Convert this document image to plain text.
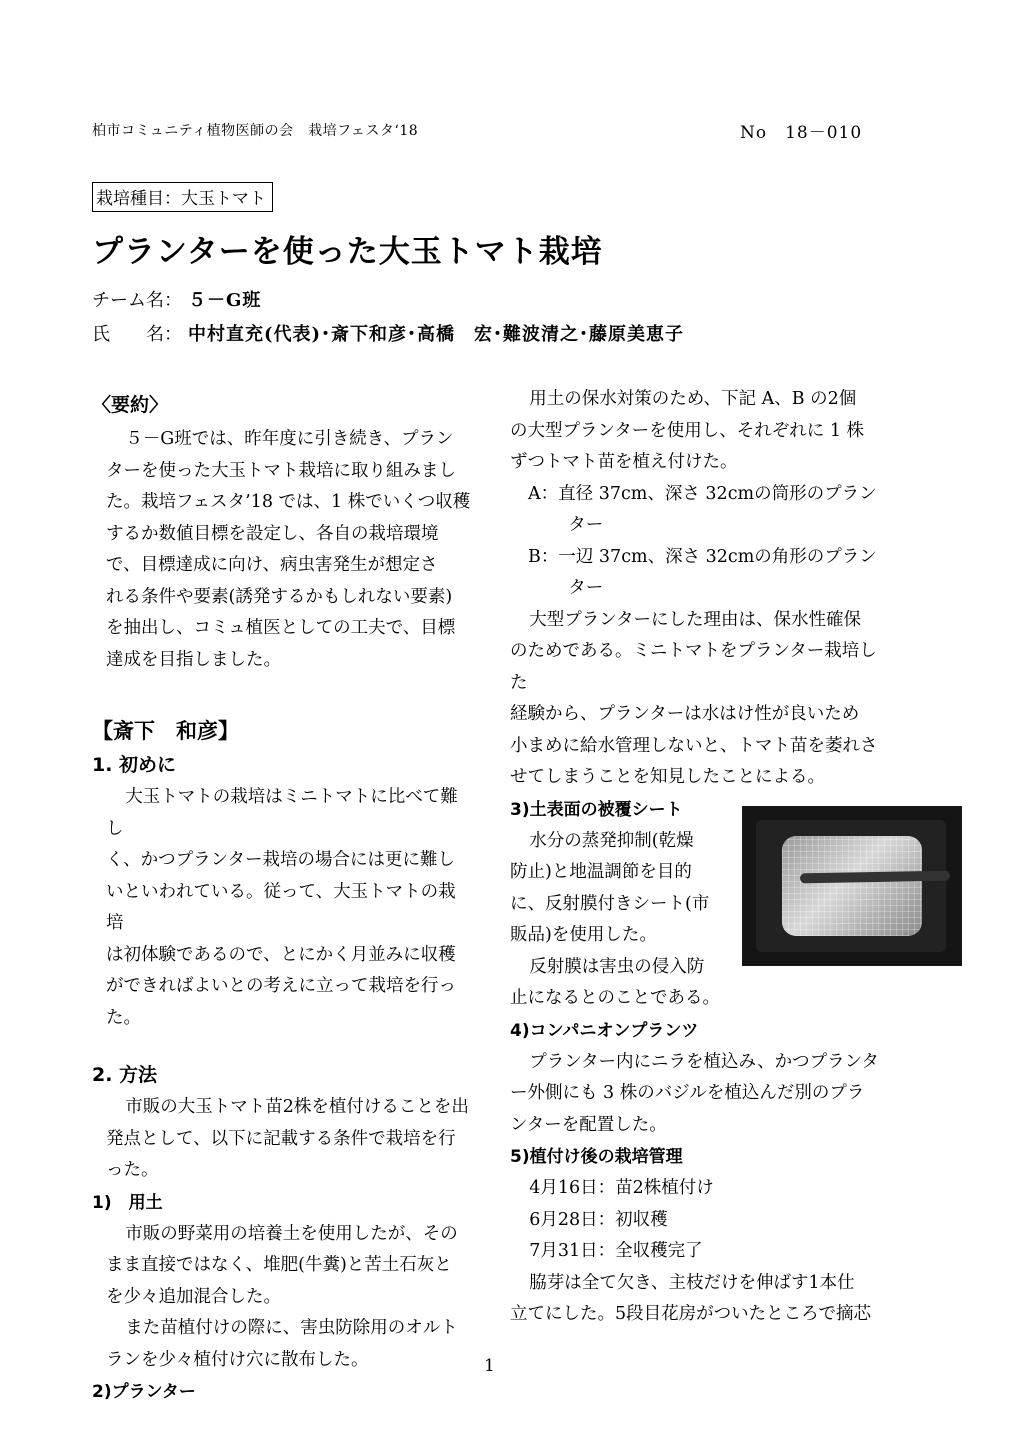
柏市コミュニティ植物医師の会　栽培フェスタ‘18	No　18－010
栽培種目：大玉トマト
プランターを使った大玉トマト栽培
チーム名： ５－G班
氏　　名： 中村直充(代表)･斎下和彦･高橋　宏･難波清之･藤原美恵子
〈要約〉

５－G班では、昨年度に引き続き、プラン

ターを使った大玉トマト栽培に取り組みまし

た。栽培フェスタ’18 では、1 株でいくつ収穫

するか数値目標を設定し、各自の栽培環境

で、目標達成に向け、病虫害発生が想定さ

れる条件や要素(誘発するかもしれない要素)

を抽出し、コミュ植医としての工夫で、目標

達成を目指しました。

【斎下　和彦】
1. 初めに

大玉トマトの栽培はミニトマトに比べて難し

く、かつプランター栽培の場合には更に難し

いといわれている。従って、大玉トマトの栽培

は初体験であるので、とにかく月並みに収穫

ができればよいとの考えに立って栽培を行っ

た。

2. 方法

市販の大玉トマト苗2株を植付けることを出

発点として、以下に記載する条件で栽培を行

った。

1)　用土

市販の野菜用の培養土を使用したが、その

まま直接ではなく、堆肥(牛糞)と苦土石灰と

を少々追加混合した。

また苗植付けの際に、害虫防除用のオルト

ランを少々植付け穴に散布した。

2)プランター

用土の保水対策のため、下記 A、B の2個

の大型プランターを使用し、それぞれに 1 株

ずつトマト苗を植え付けた。

A：直径 37cm、深さ 32cmの筒形のプランター

B：一辺 37cm、深さ 32cmの角形のプランター

大型プランターにした理由は、保水性確保

のためである。ミニトマトをプランター栽培した

経験から、プランターは水はけ性が良いため

小まめに給水管理しないと、トマト苗を萎れさ

せてしまうことを知見したことによる。

3)土表面の被覆シート

水分の蒸発抑制(乾燥

防止)と地温調節を目的

に、反射膜付きシート(市

販品)を使用した。

反射膜は害虫の侵入防

止になるとのことである。

4)コンパニオンプランツ

プランター内にニラを植込み、かつプランタ

ー外側にも 3 株のバジルを植込んだ別のプラ

ンターを配置した。

5)植付け後の栽培管理

4月16日：苗2株植付け

6月28日：初収穫

7月31日：全収穫完了

脇芽は全て欠き、主枝だけを伸ばす1本仕

立てにした。5段目花房がついたところで摘芯

1
